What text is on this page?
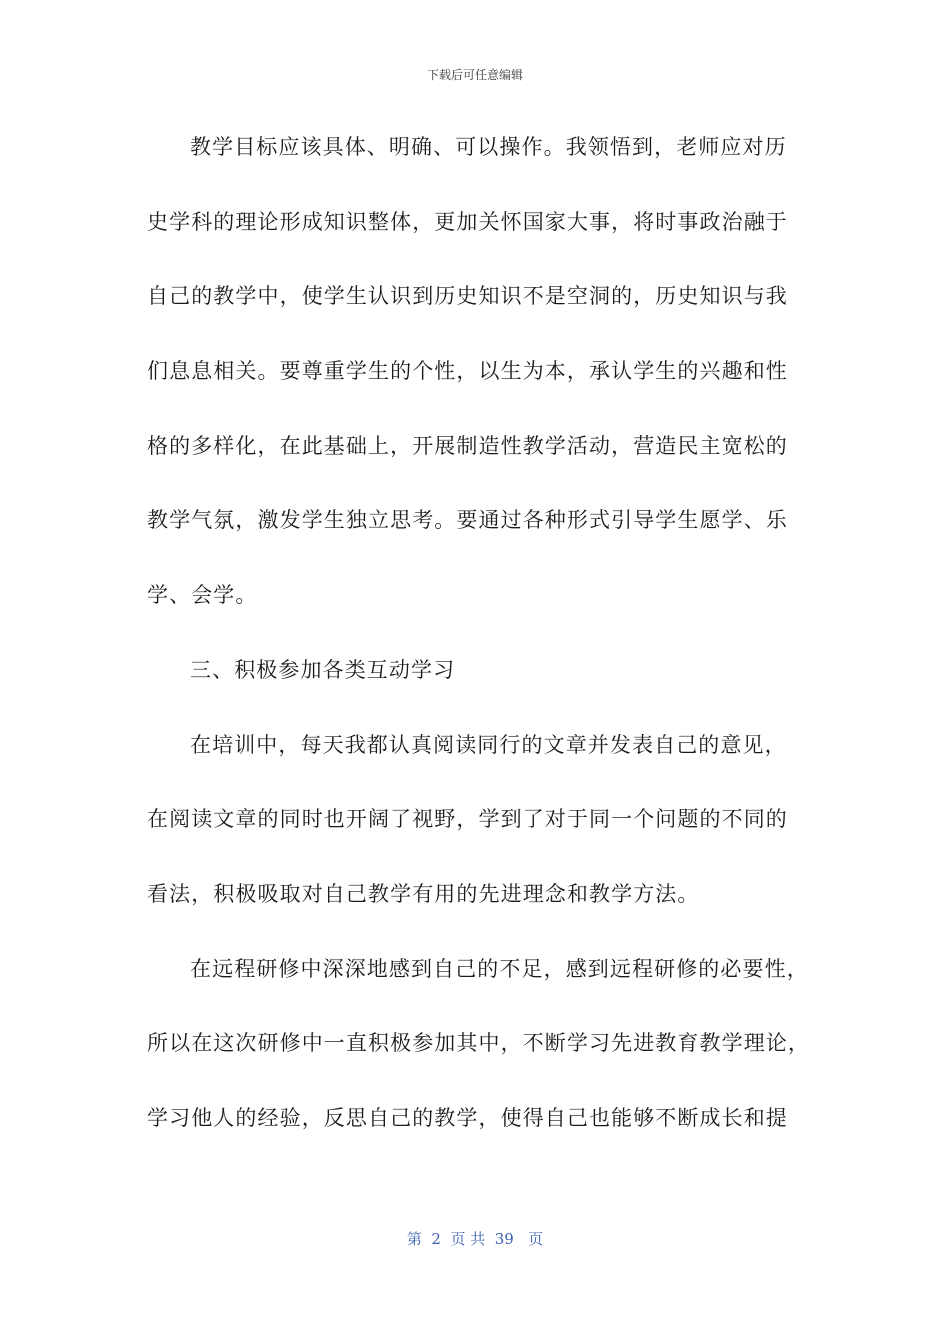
下载后可任意编辑
教学目标应该具体、明确、可以操作。我领悟到，老师应对历
史学科的理论形成知识整体，更加关怀国家大事，将时事政治融于
自己的教学中，使学生认识到历史知识不是空洞的，历史知识与我
们息息相关。要尊重学生的个性，以生为本，承认学生的兴趣和性
格的多样化，在此基础上，开展制造性教学活动，营造民主宽松的
教学气氛，激发学生独立思考。要通过各种形式引导学生愿学、乐
学、会学。
三、积极参加各类互动学习
在培训中，每天我都认真阅读同行的文章并发表自己的意见，
在阅读文章的同时也开阔了视野，学到了对于同一个问题的不同的
看法，积极吸取对自己教学有用的先进理念和教学方法。
在远程研修中深深地感到自己的不足，感到远程研修的必要性，
所以在这次研修中一直积极参加其中，不断学习先进教育教学理论，
学习他人的经验，反思自己的教学，使得自己也能够不断成长和提
第  2  页 共  39   页
